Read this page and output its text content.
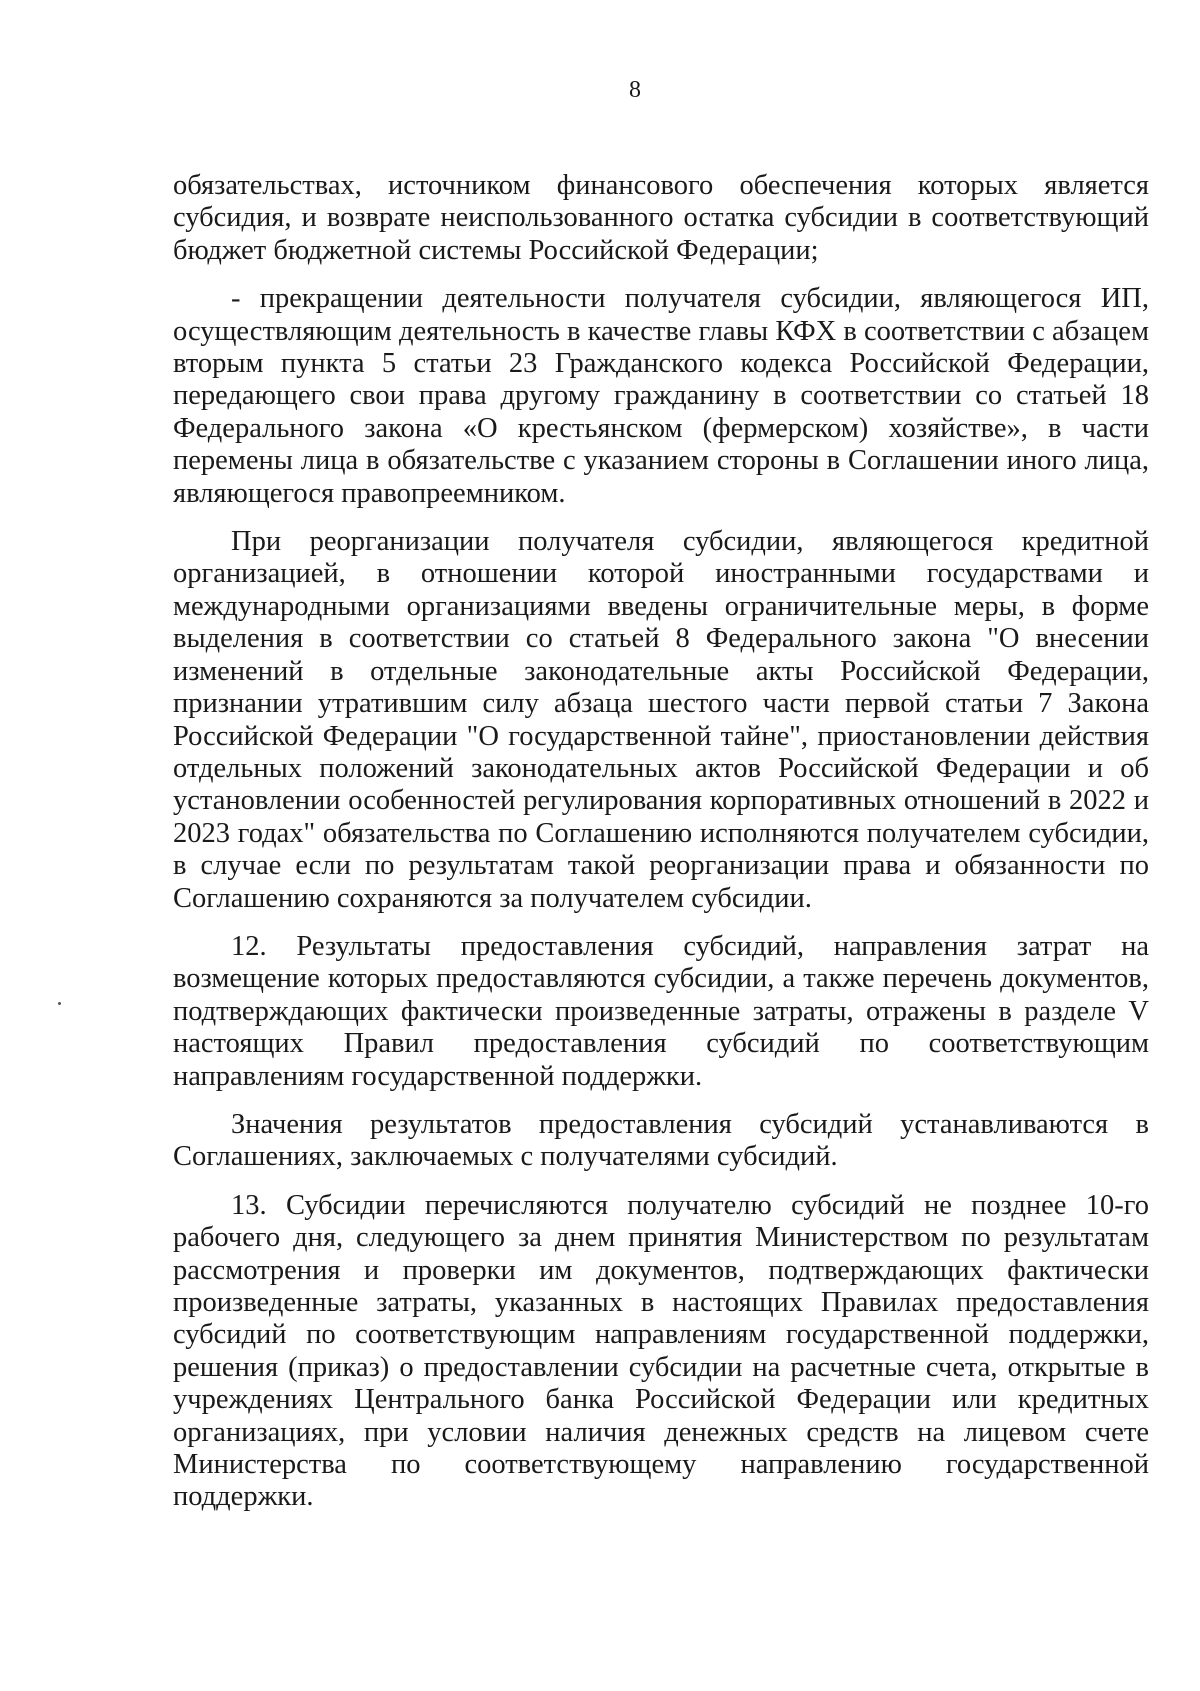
8

обязательствах, источником финансового обеспечения которых является субсидия, и возврате неиспользованного остатка субсидии в соответствующий бюджет бюджетной системы Российской Федерации;

- прекращении деятельности получателя субсидии, являющегося ИП, осуществляющим деятельность в качестве главы КФХ в соответствии с абзацем вторым пункта 5 статьи 23 Гражданского кодекса Российской Федерации, передающего свои права другому гражданину в соответствии со статьей 18 Федерального закона «О крестьянском (фермерском) хозяйстве», в части перемены лица в обязательстве с указанием стороны в Соглашении иного лица, являющегося правопреемником.

При реорганизации получателя субсидии, являющегося кредитной организацией, в отношении которой иностранными государствами и международными организациями введены ограничительные меры, в форме выделения в соответствии со статьей 8 Федерального закона "О внесении изменений в отдельные законодательные акты Российской Федерации, признании утратившим силу абзаца шестого части первой статьи 7 Закона Российской Федерации "О государственной тайне", приостановлении действия отдельных положений законодательных актов Российской Федерации и об установлении особенностей регулирования корпоративных отношений в 2022 и 2023 годах" обязательства по Соглашению исполняются получателем субсидии, в случае если по результатам такой реорганизации права и обязанности по Соглашению сохраняются за получателем субсидии.

12. Результаты предоставления субсидий, направления затрат на возмещение которых предоставляются субсидии, а также перечень документов, подтверждающих фактически произведенные затраты, отражены в разделе V настоящих Правил предоставления субсидий по соответствующим направлениям государственной поддержки.

Значения результатов предоставления субсидий устанавливаются в Соглашениях, заключаемых с получателями субсидий.

13. Субсидии перечисляются получателю субсидий не позднее 10-го рабочего дня, следующего за днем принятия Министерством по результатам рассмотрения и проверки им документов, подтверждающих фактически произведенные затраты, указанных в настоящих Правилах предоставления субсидий по соответствующим направлениям государственной поддержки, решения (приказ) о предоставлении субсидии на расчетные счета, открытые в учреждениях Центрального банка Российской Федерации или кредитных организациях, при условии наличия денежных средств на лицевом счете Министерства по соответствующему направлению государственной поддержки.
